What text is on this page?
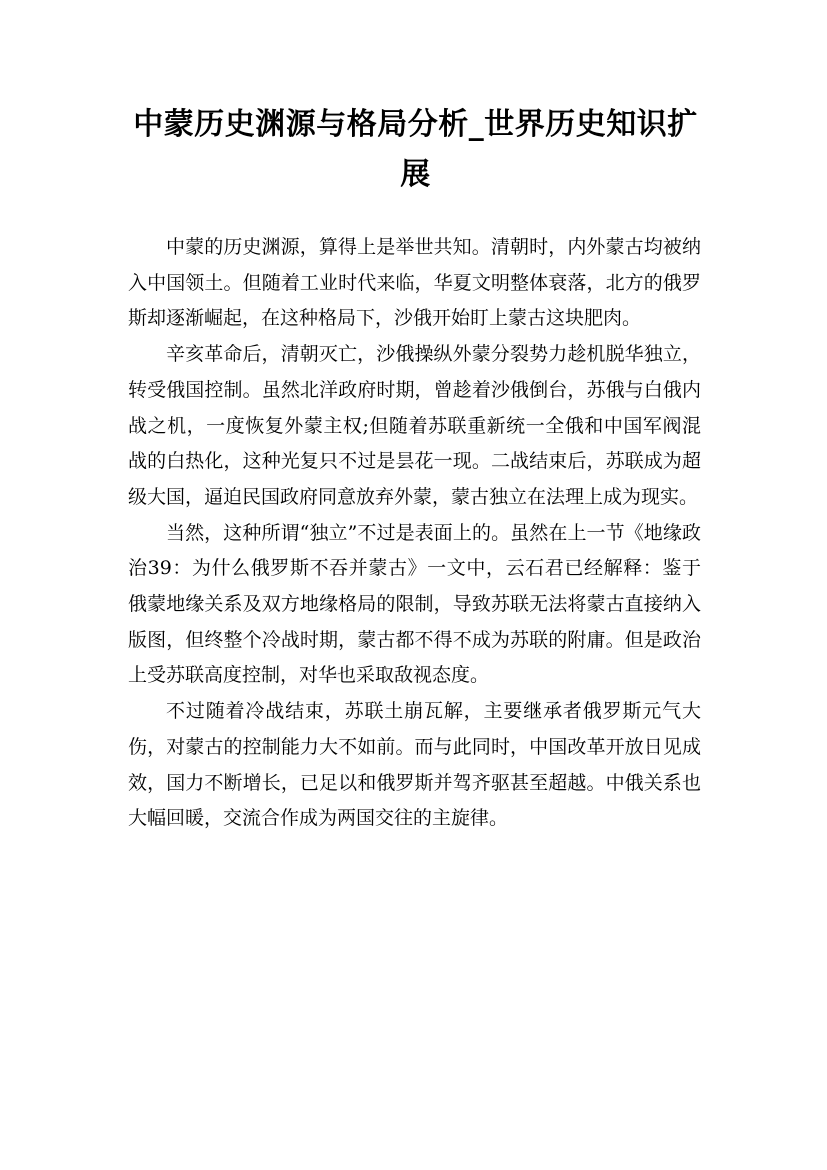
中蒙历史渊源与格局分析_世界历史知识扩展

中蒙的历史渊源，算得上是举世共知。清朝时，内外蒙古均被纳入中国领土。但随着工业时代来临，华夏文明整体衰落，北方的俄罗斯却逐渐崛起，在这种格局下，沙俄开始盯上蒙古这块肥肉。

辛亥革命后，清朝灭亡，沙俄操纵外蒙分裂势力趁机脱华独立，转受俄国控制。虽然北洋政府时期，曾趁着沙俄倒台，苏俄与白俄内战之机，一度恢复外蒙主权;但随着苏联重新统一全俄和中国军阀混战的白热化，这种光复只不过是昙花一现。二战结束后，苏联成为超级大国，逼迫民国政府同意放弃外蒙，蒙古独立在法理上成为现实。

当然，这种所谓“独立”不过是表面上的。虽然在上一节《地缘政治39：为什么俄罗斯不吞并蒙古》一文中，云石君已经解释：鉴于俄蒙地缘关系及双方地缘格局的限制，导致苏联无法将蒙古直接纳入版图，但终整个冷战时期，蒙古都不得不成为苏联的附庸。但是政治上受苏联高度控制，对华也采取敌视态度。

不过随着冷战结束，苏联土崩瓦解，主要继承者俄罗斯元气大伤，对蒙古的控制能力大不如前。而与此同时，中国改革开放日见成效，国力不断增长，已足以和俄罗斯并驾齐驱甚至超越。中俄关系也大幅回暖，交流合作成为两国交往的主旋律。
